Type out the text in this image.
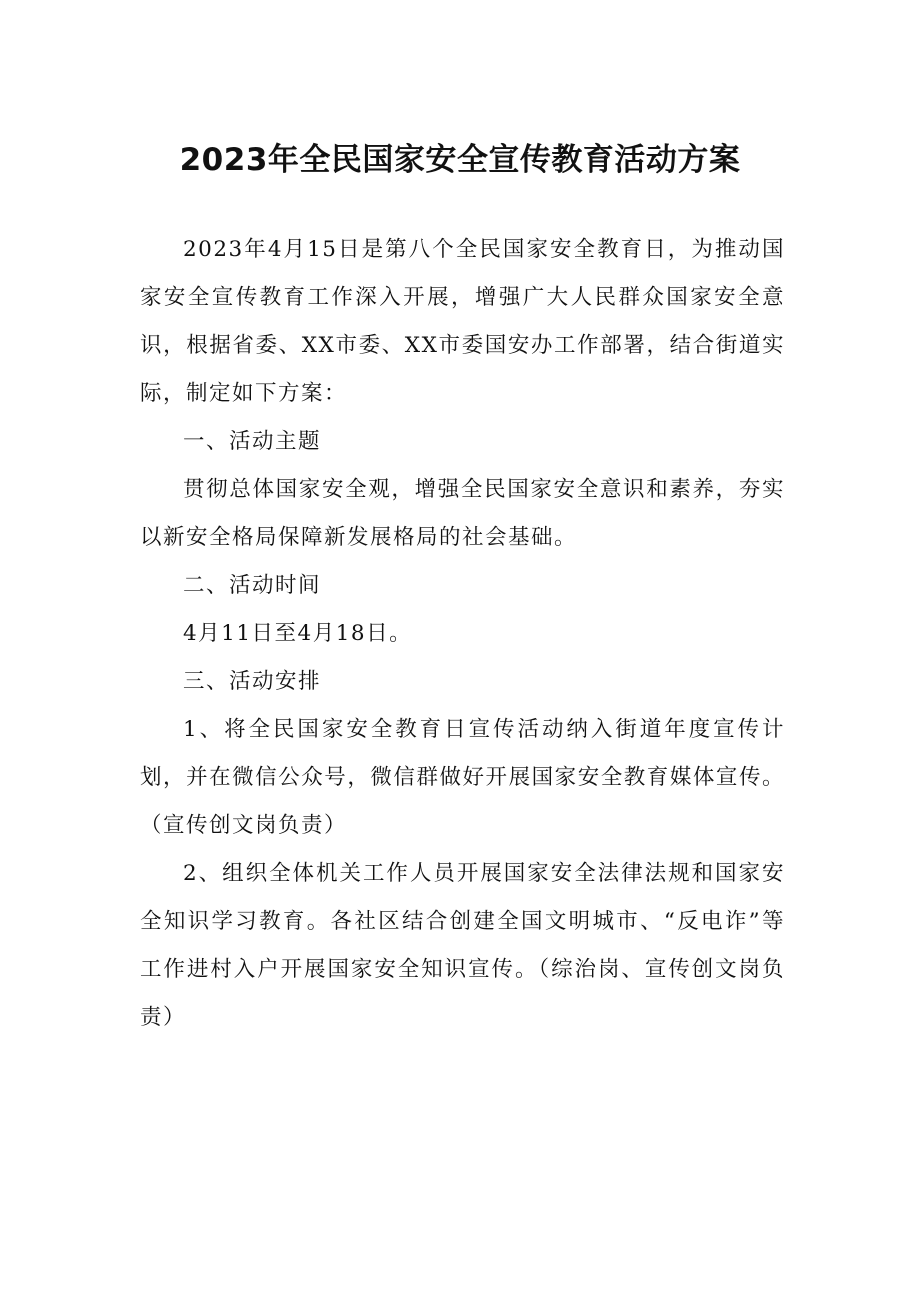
2023年全民国家安全宣传教育活动方案

2023年4月15日是第八个全民国家安全教育日，为推动国家安全宣传教育工作深入开展，增强广大人民群众国家安全意识，根据省委、XX市委、XX市委国安办工作部署，结合街道实际，制定如下方案：

一、活动主题

贯彻总体国家安全观，增强全民国家安全意识和素养，夯实以新安全格局保障新发展格局的社会基础。

二、活动时间

4月11日至4月18日。

三、活动安排

1、将全民国家安全教育日宣传活动纳入街道年度宣传计划，并在微信公众号，微信群做好开展国家安全教育媒体宣传。（宣传创文岗负责）

2、组织全体机关工作人员开展国家安全法律法规和国家安全知识学习教育。各社区结合创建全国文明城市、“反电诈”等工作进村入户开展国家安全知识宣传。（综治岗、宣传创文岗负责）
